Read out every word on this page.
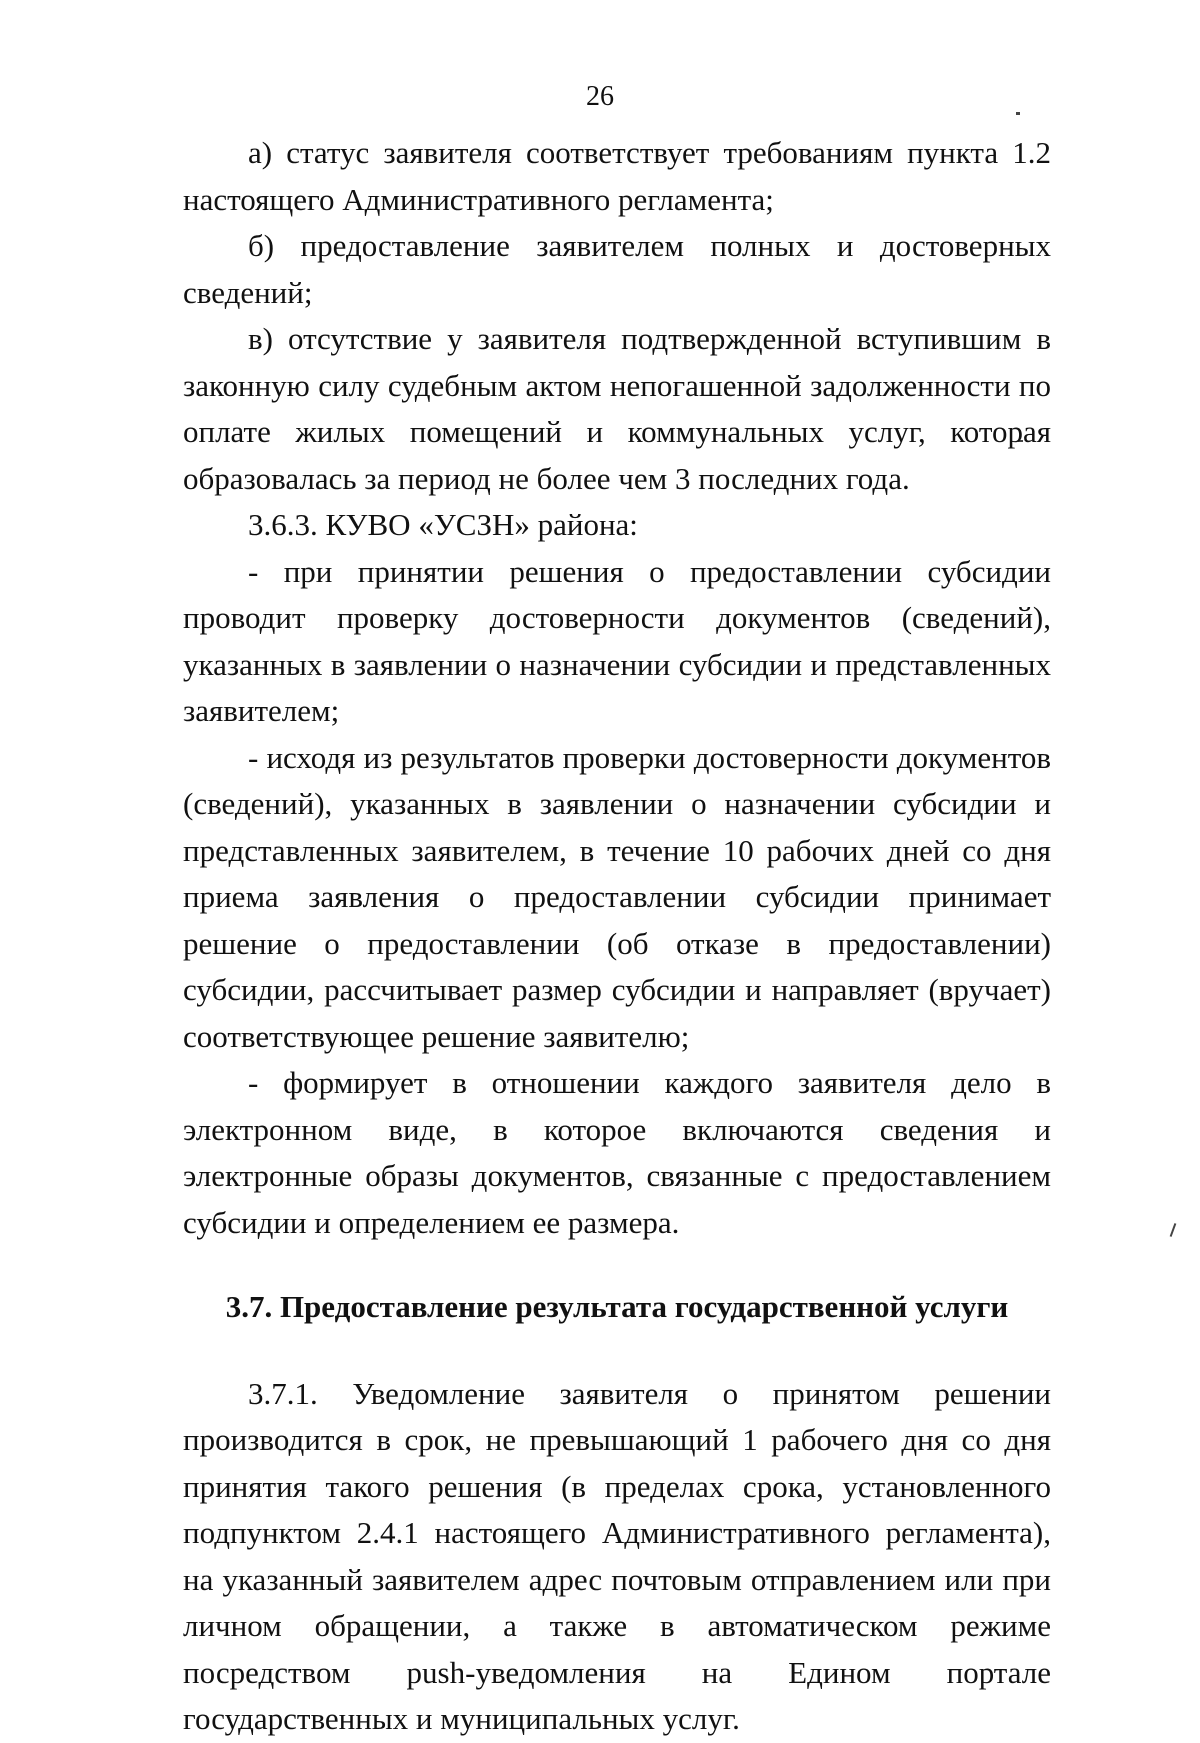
26

а) статус заявителя соответствует требованиям пункта 1.2 настоящего Административного регламента;

б) предоставление заявителем полных и достоверных сведений;

в) отсутствие у заявителя подтвержденной вступившим в законную силу судебным актом непогашенной задолженности по оплате жилых помещений и коммунальных услуг, которая образовалась за период не более чем 3 последних года.

3.6.3. КУВО «УСЗН» района:

- при принятии решения о предоставлении субсидии проводит проверку достоверности документов (сведений), указанных в заявлении о назначении субсидии и представленных заявителем;

- исходя из результатов проверки достоверности документов (сведений), указанных в заявлении о назначении субсидии и представленных заявителем, в течение 10 рабочих дней со дня приема заявления о предоставлении субсидии принимает решение о предоставлении (об отказе в предоставлении) субсидии, рассчитывает размер субсидии и направляет (вручает) соответствующее решение заявителю;

- формирует в отношении каждого заявителя дело в электронном виде, в которое включаются сведения и электронные образы документов, связанные с предоставлением субсидии и определением ее размера.

3.7. Предоставление результата государственной услуги

3.7.1. Уведомление заявителя о принятом решении производится в срок, не превышающий 1 рабочего дня со дня принятия такого решения (в пределах срока, установленного подпунктом 2.4.1 настоящего Административного регламента), на указанный заявителем адрес почтовым отправлением или при личном обращении, а также в автоматическом режиме посредством push-уведомления на Едином портале государственных и муниципальных услуг.
